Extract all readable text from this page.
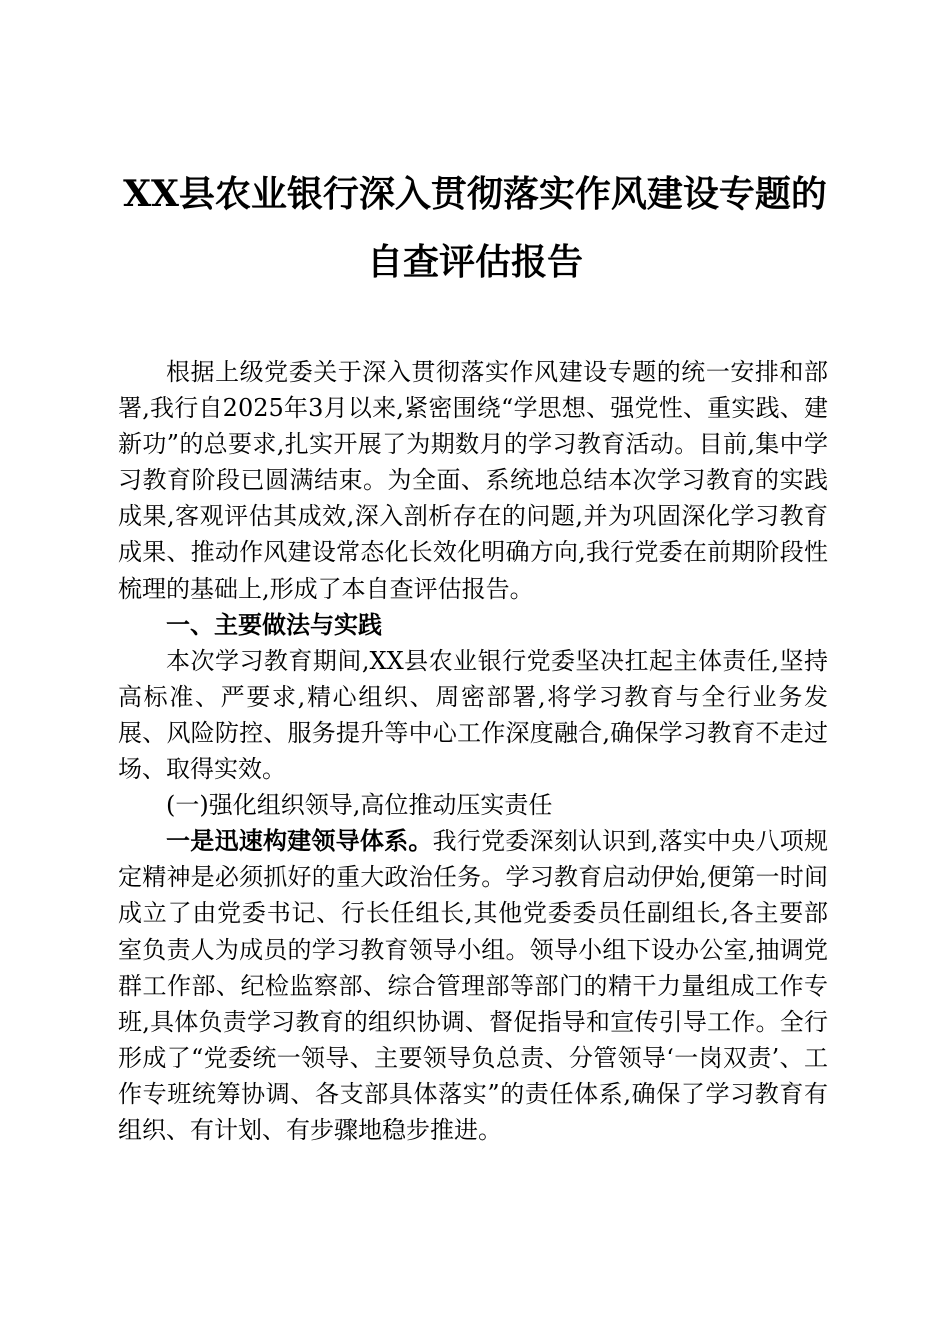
XX县农业银行深入贯彻落实作风建设专题的
自查评估报告

根据上级党委关于深入贯彻落实作风建设专题的统一安排和部署,我行自2025年3月以来,紧密围绕“学思想、强党性、重实践、建新功”的总要求,扎实开展了为期数月的学习教育活动。目前,集中学习教育阶段已圆满结束。为全面、系统地总结本次学习教育的实践成果,客观评估其成效,深入剖析存在的问题,并为巩固深化学习教育成果、推动作风建设常态化长效化明确方向,我行党委在前期阶段性梳理的基础上,形成了本自查评估报告。

一、主要做法与实践

本次学习教育期间,XX县农业银行党委坚决扛起主体责任,坚持高标准、严要求,精心组织、周密部署,将学习教育与全行业务发展、风险防控、服务提升等中心工作深度融合,确保学习教育不走过场、取得实效。

(一)强化组织领导,高位推动压实责任

一是迅速构建领导体系。我行党委深刻认识到,落实中央八项规定精神是必须抓好的重大政治任务。学习教育启动伊始,便第一时间成立了由党委书记、行长任组长,其他党委委员任副组长,各主要部室负责人为成员的学习教育领导小组。领导小组下设办公室,抽调党群工作部、纪检监察部、综合管理部等部门的精干力量组成工作专班,具体负责学习教育的组织协调、督促指导和宣传引导工作。全行形成了“党委统一领导、主要领导负总责、分管领导‘一岗双责’、工作专班统筹协调、各支部具体落实”的责任体系,确保了学习教育有组织、有计划、有步骤地稳步推进。
